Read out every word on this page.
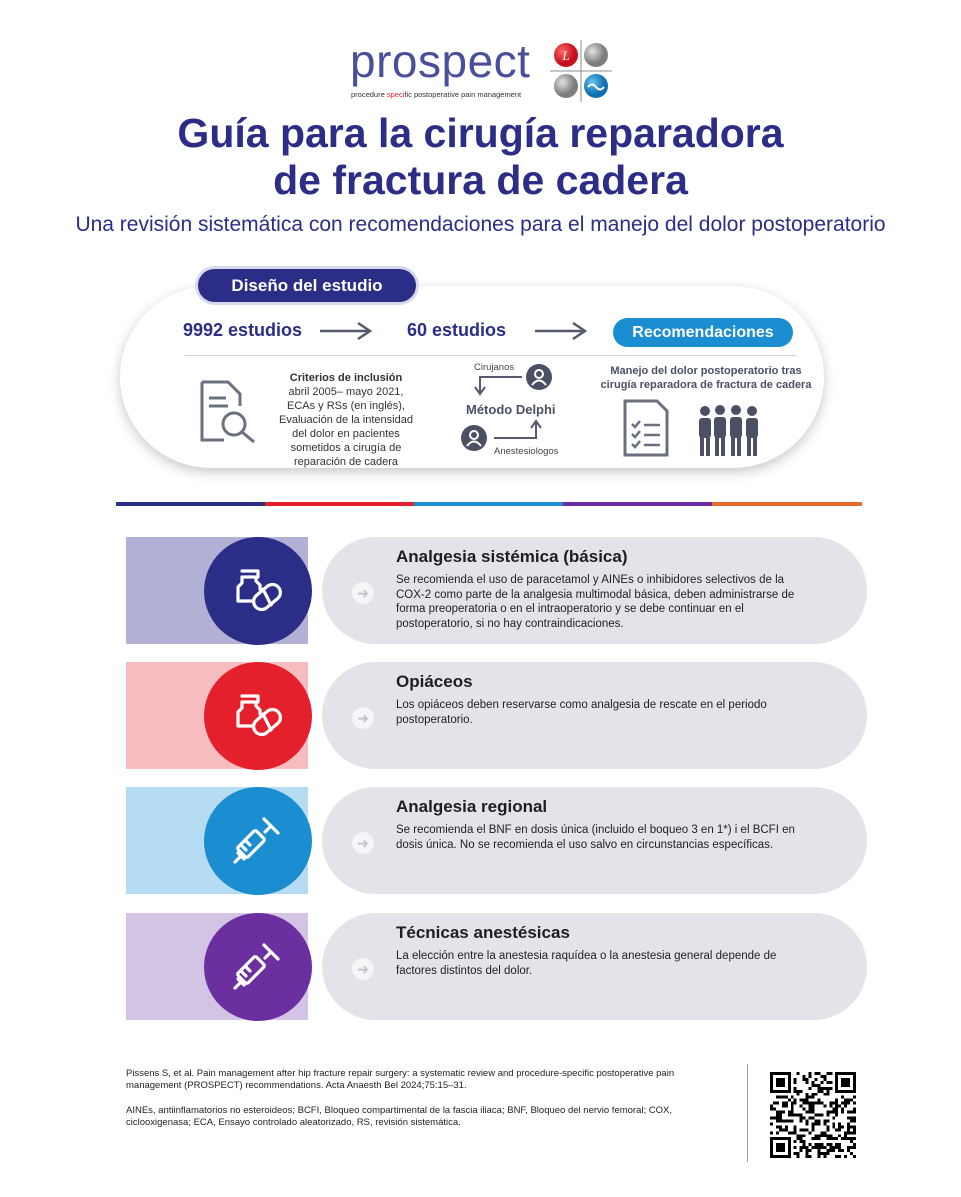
prospect
procedure specific postoperative pain management
L
Guía para la cirugía reparadora
de fractura de cadera
Una revisión sistemática con recomendaciones para el manejo del dolor postoperatorio
Diseño del estudio
9992 estudios	60 estudios	Recomendaciones
Criterios de inclusión
abril 2005– mayo 2021,
ECAs y RSs (en inglés),
Evaluación de la intensidad
del dolor en pacientes
sometidos a cirugía de
reparación de cadera
Cirujanos
Método Delphi
Anestesiologos
Manejo del dolor postoperatorio tras
cirugía reparadora de fractura de cadera
➜
Analgesia sistémica (básica)
Se recomienda el uso de paracetamol y AINEs o inhibidores selectivos de la COX-2 como parte de la analgesia multimodal básica, deben administrarse de forma preoperatoria o en el intraoperatorio y se debe continuar en el postoperatorio, si no hay contraindicaciones.
➜
Opiáceos
Los opiáceos deben reservarse como analgesia de rescate en el periodo postoperatorio.
➜
Analgesia regional
Se recomienda el BNF en dosis única (incluido el boqueo 3 en 1*) i el BCFI en dosis única. No se recomienda el uso salvo en circunstancias específicas.
➜
Técnicas anestésicas
La elección entre la anestesia raquídea o la anestesia general depende de factores distintos del dolor.
Pissens S, et al. Pain management after hip fracture repair surgery: a systematic review and procedure-specific postoperative pain management (PROSPECT) recommendations. Acta Anaesth Bel 2024;75:15–31.
AINEs, antiinflamatorios no esteroideos; BCFI, Bloqueo compartimental de la fascia iliaca; BNF, Bloqueo del nervio femoral; COX, ciclooxigenasa; ECA, Ensayo controlado aleatorizado, RS, revisión sistemática.
